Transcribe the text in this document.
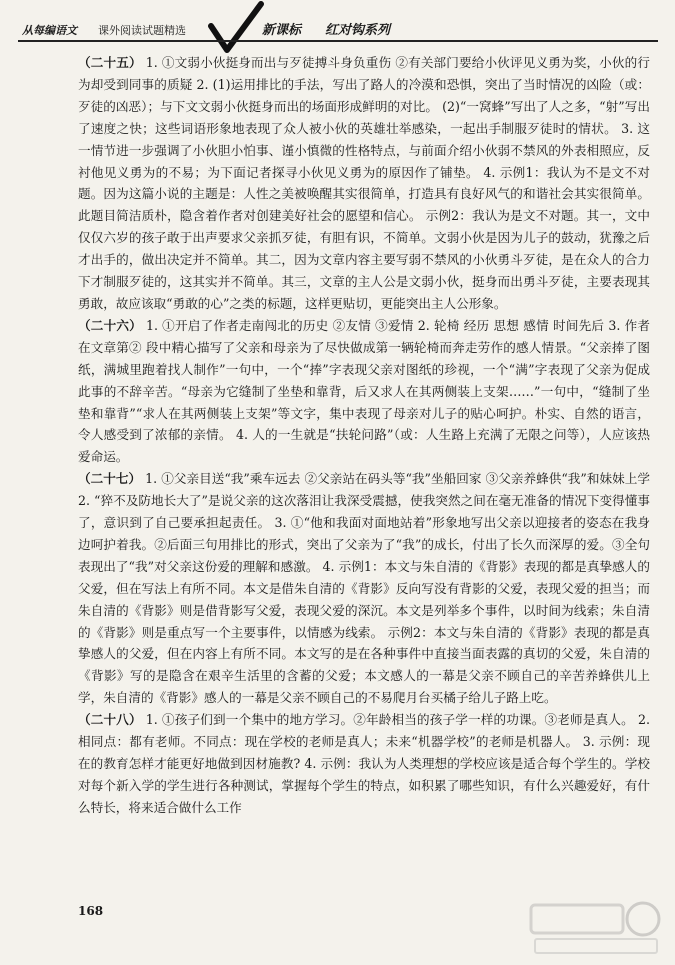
从每编语文 课外阅读试题精选	新课标 红对钩系列

（二十五） 1. ①文弱小伙挺身而出与歹徒搏斗身负重伤 ②有关部门要给小伙评见义勇为奖，小伙的行为却受到同事的质疑 2. (1)运用排比的手法，写出了路人的冷漠和恐惧，突出了当时情况的凶险（或：歹徒的凶恶）；与下文文弱小伙挺身而出的场面形成鲜明的对比。 (2)“一窝蜂”写出了人之多，“射”写出了速度之快；这些词语形象地表现了众人被小伙的英雄壮举感染，一起出手制服歹徒时的情状。 3. 这一情节进一步强调了小伙胆小怕事、谨小慎微的性格特点，与前面介绍小伙弱不禁风的外表相照应，反衬他见义勇为的不易；为下面记者探寻小伙见义勇为的原因作了铺垫。 4. 示例1：我认为不是文不对题。因为这篇小说的主题是：人性之美被唤醒其实很简单，打造具有良好风气的和谐社会其实很简单。此题目简洁质朴，隐含着作者对创建美好社会的愿望和信心。 示例2：我认为是文不对题。其一，文中仅仅六岁的孩子敢于出声要求父亲抓歹徒，有胆有识，不简单。文弱小伙是因为儿子的鼓动，犹豫之后才出手的，做出决定并不简单。其二，因为文章内容主要写弱不禁风的小伙勇斗歹徒，是在众人的合力下才制服歹徒的，这其实并不简单。其三，文章的主人公是文弱小伙，挺身而出勇斗歹徒，主要表现其勇敢，故应该取“勇敢的心”之类的标题，这样更贴切，更能突出主人公形象。

（二十六） 1. ①开启了作者走南闯北的历史 ②友情 ③爱情 2. 轮椅 经历 思想 感情 时间先后 3. 作者在文章第② 段中精心描写了父亲和母亲为了尽快做成第一辆轮椅而奔走劳作的感人情景。“父亲捧了图纸，满城里跑着找人制作”一句中，一个“捧”字表现父亲对图纸的珍视，一个“满”字表现了父亲为促成此事的不辞辛苦。“母亲为它缝制了坐垫和靠背，后又求人在其两侧装上支架……”一句中，“缝制了坐垫和靠背”“求人在其两侧装上支架”等文字，集中表现了母亲对儿子的贴心呵护。朴实、自然的语言，令人感受到了浓郁的亲情。 4. 人的一生就是“扶轮问路”（或：人生路上充满了无限之问等），人应该热爱命运。

（二十七） 1. ①父亲目送“我”乘车远去 ②父亲站在码头等“我”坐船回家 ③父亲养蜂供“我”和妹妹上学 2. “猝不及防地长大了”是说父亲的这次落泪让我深受震撼，使我突然之间在毫无准备的情况下变得懂事了，意识到了自己要承担起责任。 3. ①“他和我面对面地站着”形象地写出父亲以迎接者的姿态在我身边呵护着我。②后面三句用排比的形式，突出了父亲为了“我”的成长，付出了长久而深厚的爱。③全句表现出了“我”对父亲这份爱的理解和感激。 4. 示例1：本文与朱自清的《背影》表现的都是真挚感人的父爱，但在写法上有所不同。本文是借朱自清的《背影》反向写没有背影的父爱，表现父爱的担当；而朱自清的《背影》则是借背影写父爱，表现父爱的深沉。本文是列举多个事件，以时间为线索；朱自清的《背影》则是重点写一个主要事件，以情感为线索。 示例2：本文与朱自清的《背影》表现的都是真挚感人的父爱，但在内容上有所不同。本文写的是在各种事件中直接当面表露的真切的父爱，朱自清的《背影》写的是隐含在艰辛生活里的含蓄的父爱；本文感人的一幕是父亲不顾自己的辛苦养蜂供儿上学，朱自清的《背影》感人的一幕是父亲不顾自己的不易爬月台买橘子给儿子路上吃。

（二十八） 1. ①孩子们到一个集中的地方学习。②年龄相当的孩子学一样的功课。③老师是真人。 2. 相同点：都有老师。不同点：现在学校的老师是真人；未来“机器学校”的老师是机器人。 3. 示例：现在的教育怎样才能更好地做到因材施教? 4. 示例：我认为人类理想的学校应该是适合每个学生的。学校对每个新入学的学生进行各种测试，掌握每个学生的特点，如积累了哪些知识，有什么兴趣爱好，有什么特长，将来适合做什么工作

168
